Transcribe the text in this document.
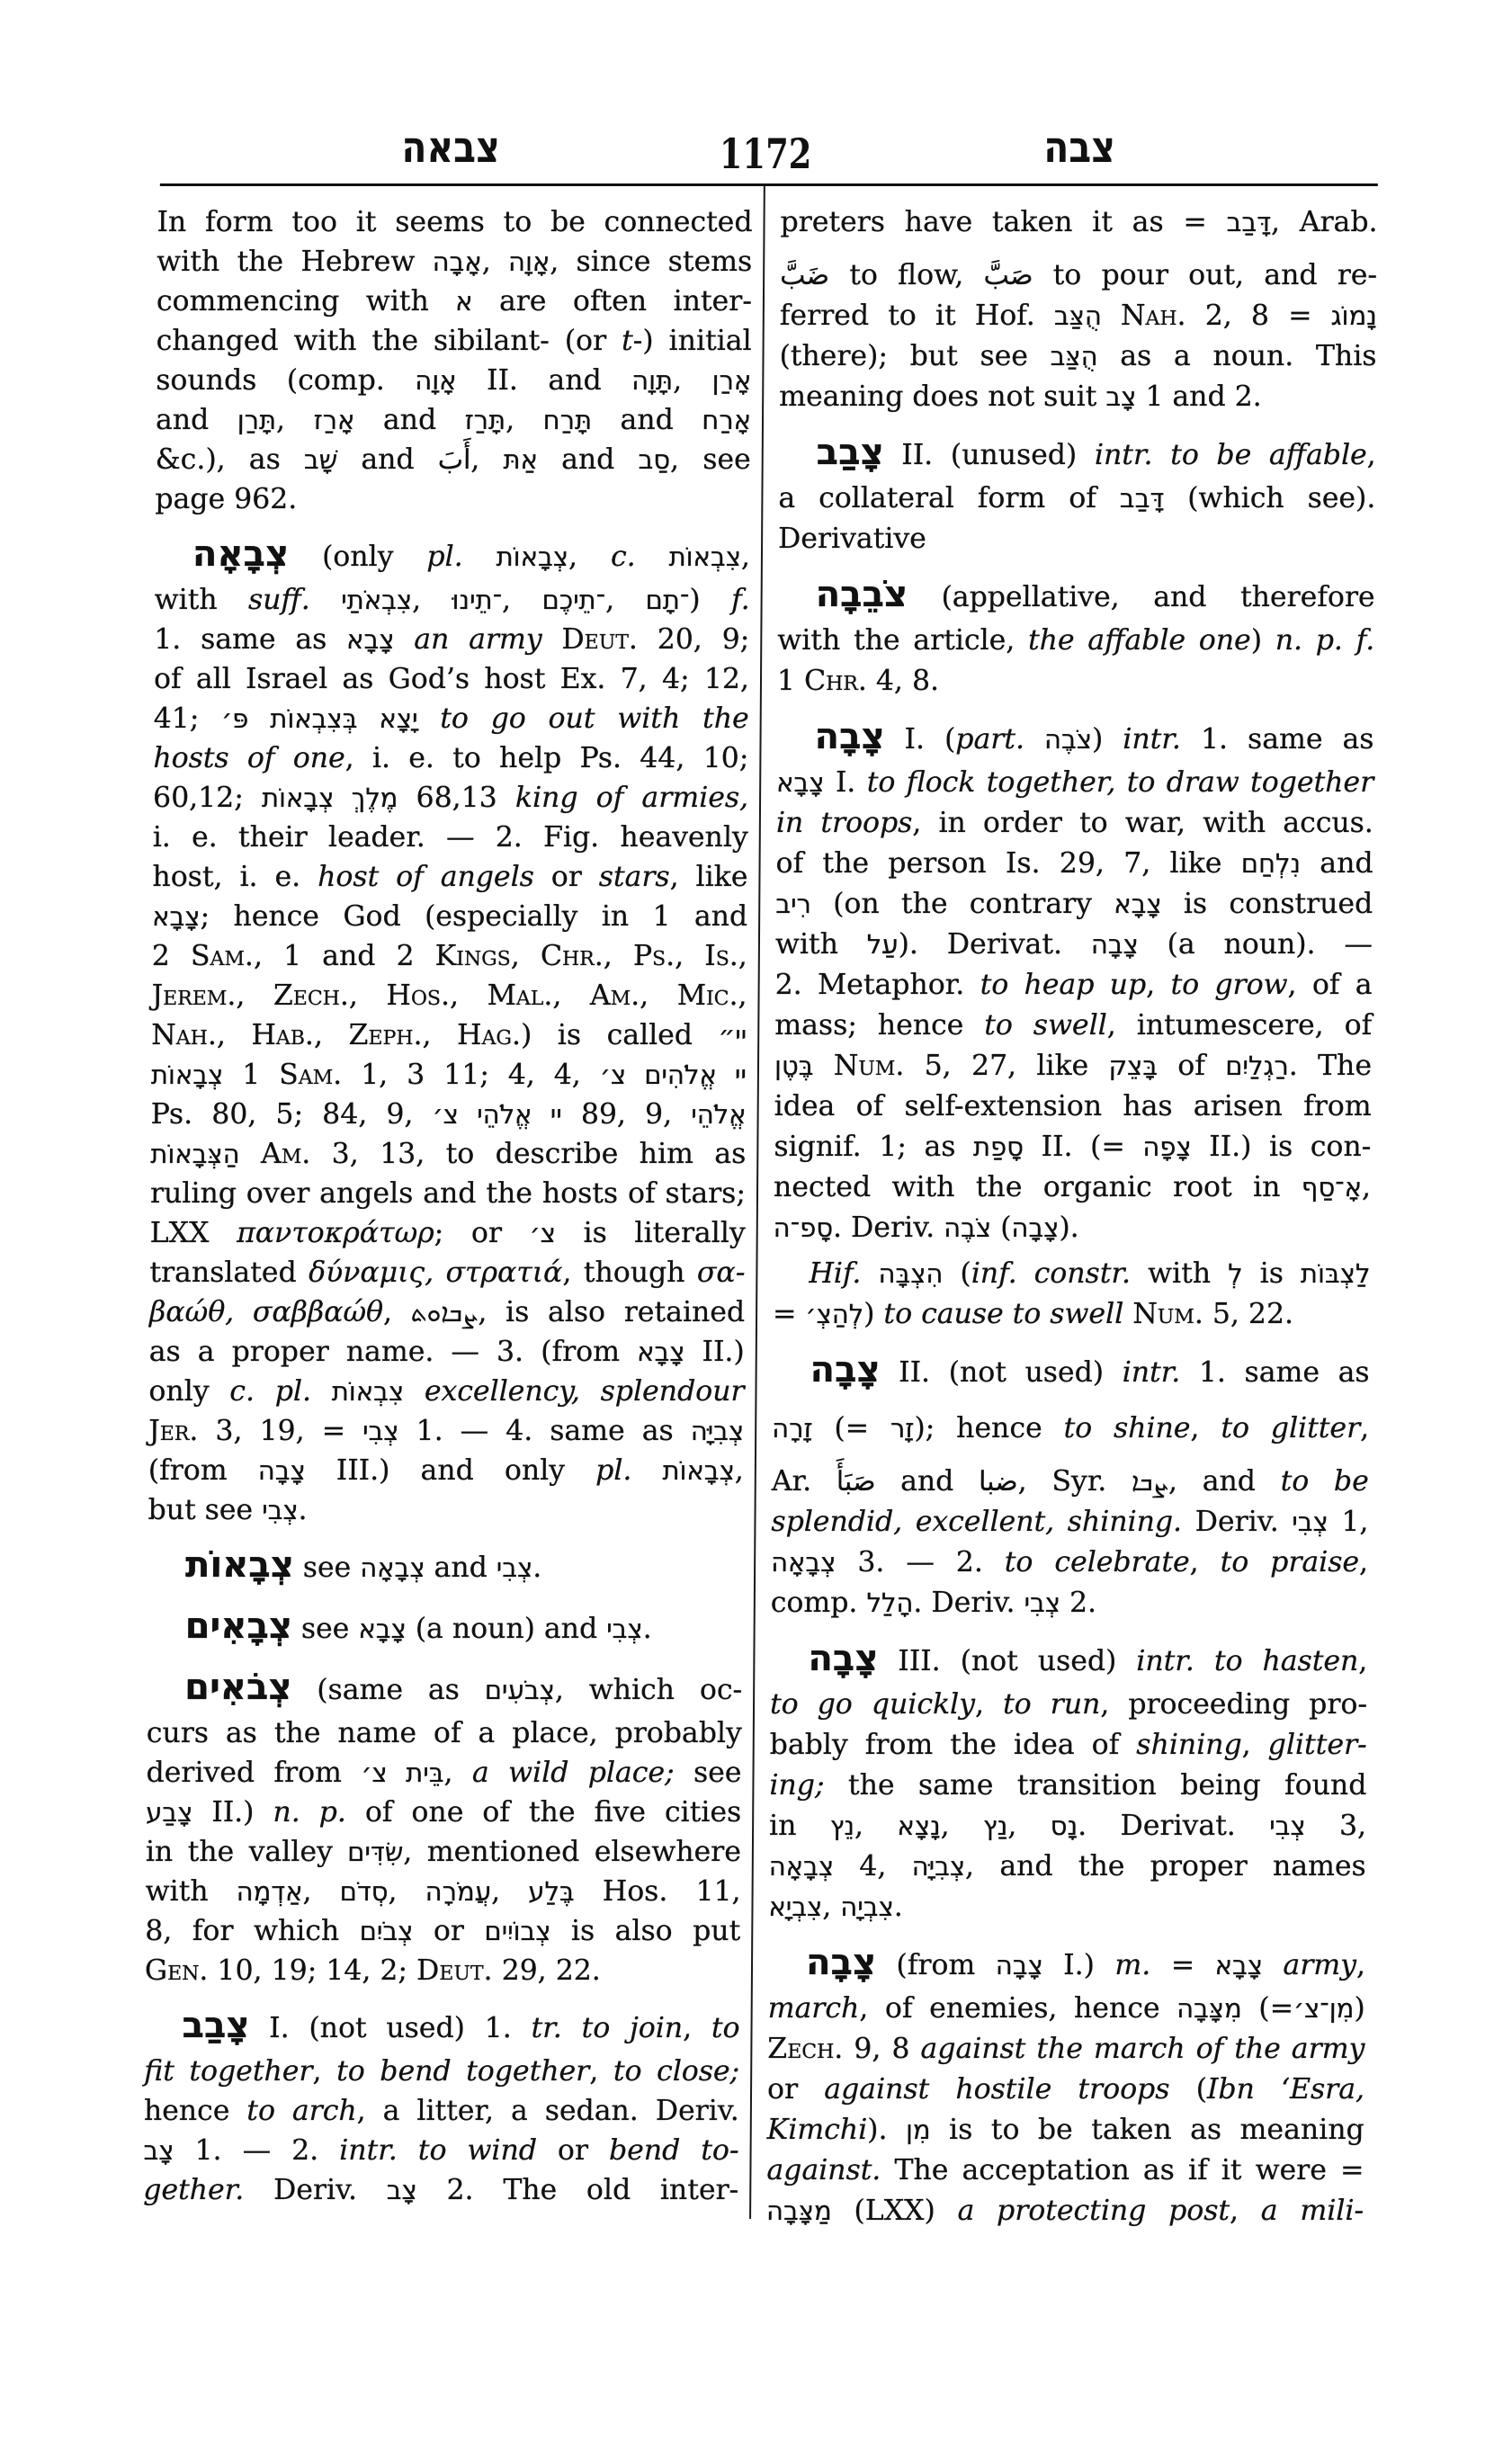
צבאה	1172	צבה
In form too it seems to be connected
with the Hebrew אָבָה, אָוָה, since stems
commencing with א are often inter-
changed with the sibilant- (or t-) initial
sounds (comp. אָוָה II. and תָּוָה, אָרַן
and תָּרַן, אָרַז and תָּרַז, תָּרַח and אָרַח
&c.), as שָׁב and أَبَ, אַתּ and סַב, see
page 962.
צְבָאָה (only pl. צְבָאוֹת, c. צִבְאוֹת,
with suff. צִבְאֹתַי, ־תֵינוּ, ־תֵיכֶם, ־תָם) f.
1. same as צָבָא an army Deut. 20, 9;
of all Israel as God’s host Ex. 7, 4; 12,
41; יָצָא בְּצִבְאוֹת פּ׳ to go out with the
hosts of one, i. e. to help Ps. 44, 10;
60,12; מֶלֶךְ צְבָאוֹת 68,13 king of armies,
i. e. their leader. — 2. Fig. heavenly
host, i. e. host of angels or stars, like
צָבָא; hence God (especially in 1 and
2 Sam., 1 and 2 Kings, Chr., Ps., Is.,
Jerem., Zech., Hos., Mal., Am., Mic.,
Nah., Hab., Zeph., Hag.) is called יי״
צְבָאוֹת 1 Sam. 1, 3 11; 4, 4, יי אֱלֹהִים צ׳
Ps. 80, 5; 84, 9, יי אֱלֹהֵי צ׳ 89, 9, אֱלֹהֵי
הַצְּבָאוֹת Am. 3, 13, to describe him as
ruling over angels and the hosts of stars;
LXX παντοκράτωρ; or צ׳ is literally
translated δύναμις, στρατιά, though σα-
βαώθ, σαββαώθ, ܨܒܐܘܬ, is also retained
as a proper name. — 3. (from צָבָא II.)
only c. pl. צִבְאוֹת excellency, splendour
Jer. 3, 19, = צְבִי 1. — 4. same as צְבִיָּה
(from צָבָה III.) and only pl. צְבָאוֹת,
but see צְבִי.
צְבָאוֹת see צְבָאָה and צְבִי.
צְבָאִים see צָבָא (a noun) and צְבִי.
צְבֹאִים (same as צְבֹעִים, which oc-
curs as the name of a place, probably
derived from בֵּית צ׳, a wild place; see
צָבַע II.) n. p. of one of the five cities
in the valley שִׂדִּים, mentioned elsewhere
with אַדְמָה, סְדֹם, עֲמֹרָה, בֶּלַע Hos. 11,
8, for which צְבֹיִם or צְבוֹיִים is also put
Gen. 10, 19; 14, 2; Deut. 29, 22.
צָבַב I. (not used) 1. tr. to join, to
fit together, to bend together, to close;
hence to arch, a litter, a sedan. Deriv.
צָב 1. — 2. intr. to wind or bend to-
gether. Deriv. צָב 2. The old inter-
preters have taken it as = דָּבַב, Arab.
ضَبَّ to flow, صَبَّ to pour out, and re-
ferred to it Hof. הֻצַּב Nah. 2, 8 = נָמוֹג
(there); but see הֻצַּב as a noun. This
meaning does not suit צָב 1 and 2.
צָבַב II. (unused) intr. to be affable,
a collateral form of דָּבַב (which see).
Derivative
צֹבֵבָה (appellative, and therefore
with the article, the affable one) n. p. f.
1 Chr. 4, 8.
צָבָה I. (part. צֹבֶה) intr. 1. same as
צָבָא I. to flock together, to draw together
in troops, in order to war, with accus.
of the person Is. 29, 7, like נִלְחַם and
רִיב (on the contrary צָבָא is construed
with עַל). Derivat. צָבָה (a noun). —
2. Metaphor. to heap up, to grow, of a
mass; hence to swell, intumescere, of
בֶּטֶן Num. 5, 27, like בָּצֵק of רַגְלַיִם. The
idea of self-extension has arisen from
signif. 1; as סָפַת II. (= צָפָה II.) is con-
nected with the organic root in אָ־סַף,
סָפ־ה. Deriv. צֹבֶה (צָבָה).
Hif. הִצְבָּה (inf. constr. with לְ is לַצְבּוֹת
= לְהַצְ׳) to cause to swell Num. 5, 22.
צָבָה II. (not used) intr. 1. same as
זָרָה (= זָר); hence to shine, to glitter,
Ar. صَبَأَ and ضبا, Syr. ܨܒܐ, and to be
splendid, excellent, shining. Deriv. צְבִי 1,
צְבָאָה 3. — 2. to celebrate, to praise,
comp. הָלַל. Deriv. צְבִי 2.
צָבָה III. (not used) intr. to hasten,
to go quickly, to run, proceeding pro-
bably from the idea of shining, glitter-
ing; the same transition being found
in נֵץ, נָצָא, נַץ, נָס. Derivat. צְבִי 3,
צְבָאָה 4, צְבִיָּה, and the proper names
צִבְיָא, צִבְיָה.
צָבָה (from צָבָה I.) m. = צָבָא army,
march, of enemies, hence מִצָּבָה (=מִן־צ׳)
Zech. 9, 8 against the march of the army
or against hostile troops (Ibn ‘Esra,
Kimchi). מִן is to be taken as meaning
against. The acceptation as if it were =
מַצָּבָה (LXX) a protecting post, a mili-
